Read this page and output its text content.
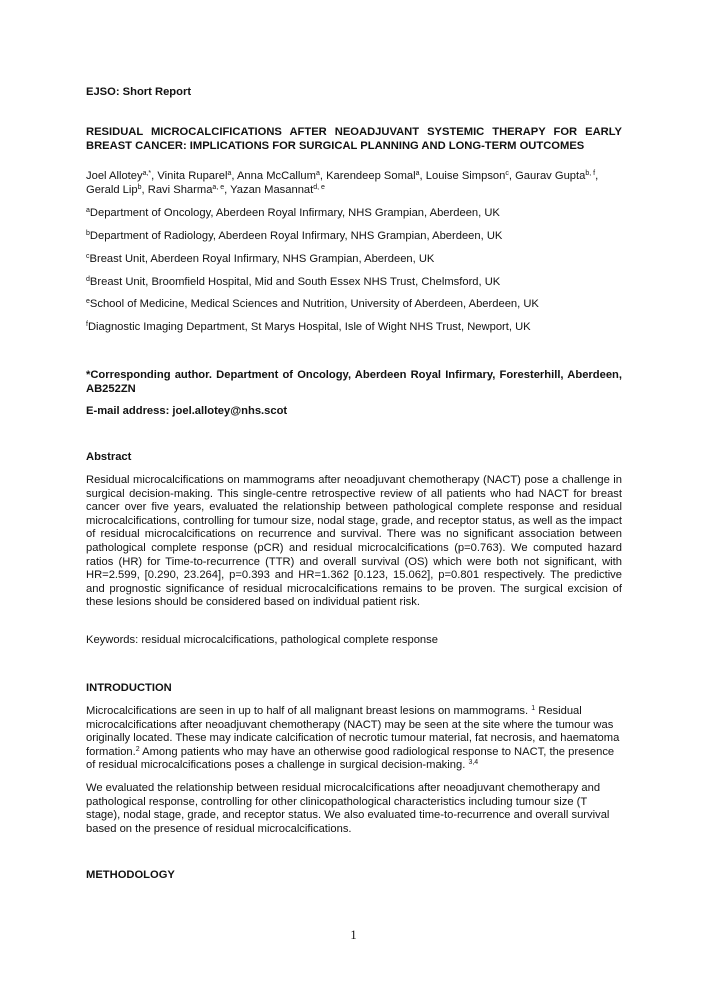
EJSO: Short Report
RESIDUAL MICROCALCIFICATIONS AFTER NEOADJUVANT SYSTEMIC THERAPY FOR EARLY BREAST CANCER: IMPLICATIONS FOR SURGICAL PLANNING AND LONG-TERM OUTCOMES
Joel Allotey$^{a,*}$, Vinita Ruparel$^a$, Anna McCallum$^a$, Karendeep Somal$^a$, Louise Simpson$^c$, Gaurav Gupta$^{b, f}$, Gerald Lip$^b$, Ravi Sharma$^{a, e}$, Yazan Masannat$^{d, e}$
$^a$Department of Oncology, Aberdeen Royal Infirmary, NHS Grampian, Aberdeen, UK
$^b$Department of Radiology, Aberdeen Royal Infirmary, NHS Grampian, Aberdeen, UK
$^c$Breast Unit, Aberdeen Royal Infirmary, NHS Grampian, Aberdeen, UK
$^d$Breast Unit, Broomfield Hospital, Mid and South Essex NHS Trust, Chelmsford, UK
$^e$School of Medicine, Medical Sciences and Nutrition, University of Aberdeen, Aberdeen, UK
$^f$Diagnostic Imaging Department, St Marys Hospital, Isle of Wight NHS Trust, Newport, UK
*Corresponding author. Department of Oncology, Aberdeen Royal Infirmary, Foresterhill, Aberdeen, AB252ZN
E-mail address: joel.allotey@nhs.scot
Abstract
Residual microcalcifications on mammograms after neoadjuvant chemotherapy (NACT) pose a challenge in surgical decision-making. This single-centre retrospective review of all patients who had NACT for breast cancer over five years, evaluated the relationship between pathological complete response and residual microcalcifications, controlling for tumour size, nodal stage, grade, and receptor status, as well as the impact of residual microcalcifications on recurrence and survival. There was no significant association between pathological complete response (pCR) and residual microcalcifications (p=0.763). We computed hazard ratios (HR) for Time-to-recurrence (TTR) and overall survival (OS) which were both not significant, with HR=2.599, [0.290, 23.264], p=0.393 and HR=1.362 [0.123, 15.062], p=0.801 respectively. The predictive and prognostic significance of residual microcalcifications remains to be proven. The surgical excision of these lesions should be considered based on individual patient risk.
Keywords: residual microcalcifications, pathological complete response
INTRODUCTION
Microcalcifications are seen in up to half of all malignant breast lesions on mammograms. $^1$ Residual microcalcifications after neoadjuvant chemotherapy (NACT) may be seen at the site where the tumour was originally located. These may indicate calcification of necrotic tumour material, fat necrosis, and haematoma formation.$^2$ Among patients who may have an otherwise good radiological response to NACT, the presence of residual microcalcifications poses a challenge in surgical decision-making. $^{3,4}$
We evaluated the relationship between residual microcalcifications after neoadjuvant chemotherapy and pathological response, controlling for other clinicopathological characteristics including tumour size (T stage), nodal stage, grade, and receptor status. We also evaluated time-to-recurrence and overall survival based on the presence of residual microcalcifications.
METHODOLOGY
1
